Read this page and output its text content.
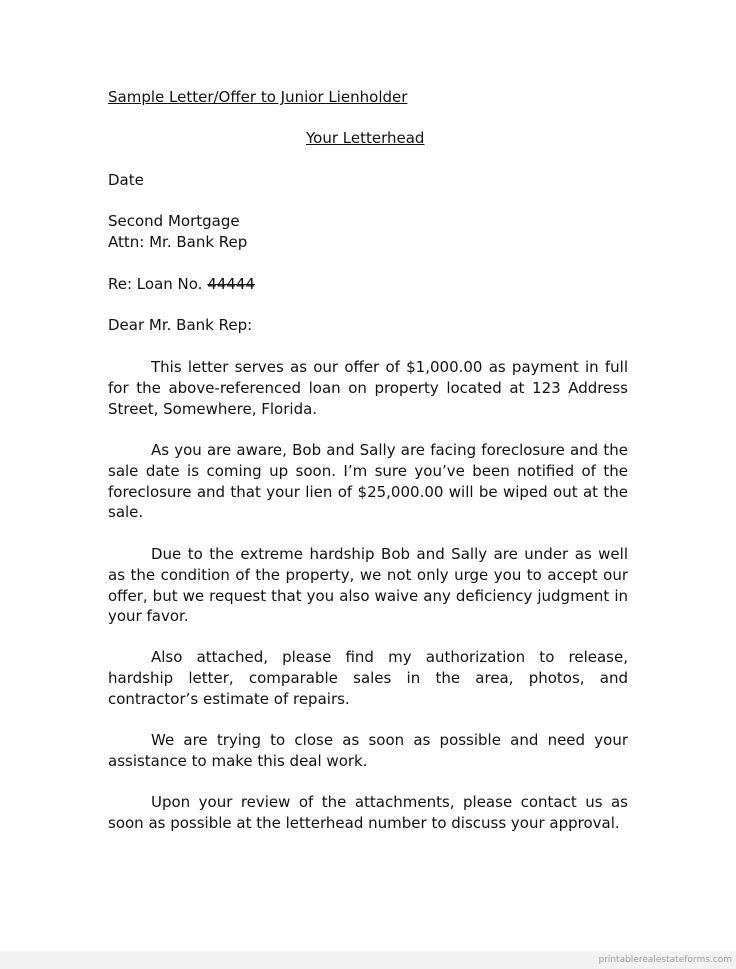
Sample Letter/Offer to Junior Lienholder
Your Letterhead
Date
Second Mortgage
Attn: Mr. Bank Rep
Re: Loan No. 44444
Dear Mr. Bank Rep:

This letter serves as our offer of $1,000.00 as payment in full for the above-referenced loan on property located at 123 Address Street, Somewhere, Florida.

As you are aware, Bob and Sally are facing foreclosure and the sale date is coming up soon. I’m sure you’ve been notified of the foreclosure and that your lien of $25,000.00 will be wiped out at the sale.

Due to the extreme hardship Bob and Sally are under as well as the condition of the property, we not only urge you to accept our offer, but we request that you also waive any deficiency judgment in your favor.

Also attached, please find my authorization to release, hardship letter, comparable sales in the area, photos, and contractor’s estimate of repairs.

We are trying to close as soon as possible and need your assistance to make this deal work.

Upon your review of the attachments, please contact us as soon as possible at the letterhead number to discuss your approval.

printablerealestateforms.com
